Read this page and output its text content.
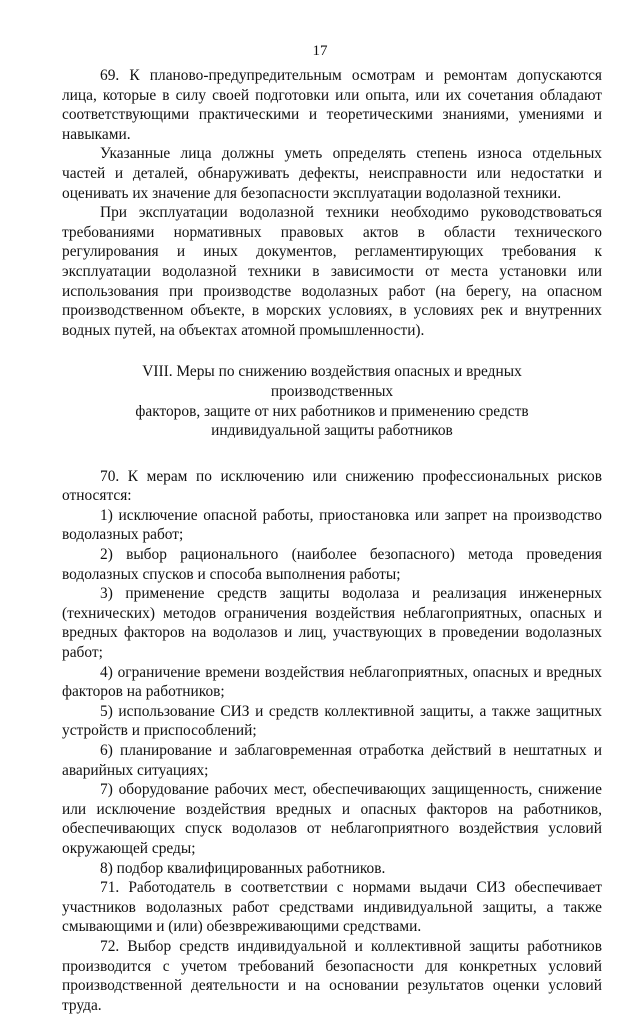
17

69. К планово-предупредительным осмотрам и ремонтам допускаются лица, которые в силу своей подготовки или опыта, или их сочетания обладают соответствующими практическими и теоретическими знаниями, умениями и навыками.

Указанные лица должны уметь определять степень износа отдельных частей и деталей, обнаруживать дефекты, неисправности или недостатки и оценивать их значение для безопасности эксплуатации водолазной техники.

При эксплуатации водолазной техники необходимо руководствоваться требованиями нормативных правовых актов в области технического регулирования и иных документов, регламентирующих требования к эксплуатации водолазной техники в зависимости от места установки или использования при производстве водолазных работ (на берегу, на опасном производственном объекте, в морских условиях, в условиях рек и внутренних водных путей, на объектах атомной промышленности).

VIII. Меры по снижению воздействия опасных и вредных производственных
факторов, защите от них работников и применению средств
индивидуальной защиты работников

70. К мерам по исключению или снижению профессиональных рисков относятся:

1) исключение опасной работы, приостановка или запрет на производство водолазных работ;

2) выбор рационального (наиболее безопасного) метода проведения водолазных спусков и способа выполнения работы;

3) применение средств защиты водолаза и реализация инженерных (технических) методов ограничения воздействия неблагоприятных, опасных и вредных факторов на водолазов и лиц, участвующих в проведении водолазных работ;

4) ограничение времени воздействия неблагоприятных, опасных и вредных факторов на работников;

5) использование СИЗ и средств коллективной защиты, а также защитных устройств и приспособлений;

6) планирование и заблаговременная отработка действий в нештатных и аварийных ситуациях;

7) оборудование рабочих мест, обеспечивающих защищенность, снижение или исключение воздействия вредных и опасных факторов на работников, обеспечивающих спуск водолазов от неблагоприятного воздействия условий окружающей среды;

8) подбор квалифицированных работников.

71. Работодатель в соответствии с нормами выдачи СИЗ обеспечивает участников водолазных работ средствами индивидуальной защиты, а также смывающими и (или) обезвреживающими средствами.

72. Выбор средств индивидуальной и коллективной защиты работников производится с учетом требований безопасности для конкретных условий производственной деятельности и на основании результатов оценки условий труда.
